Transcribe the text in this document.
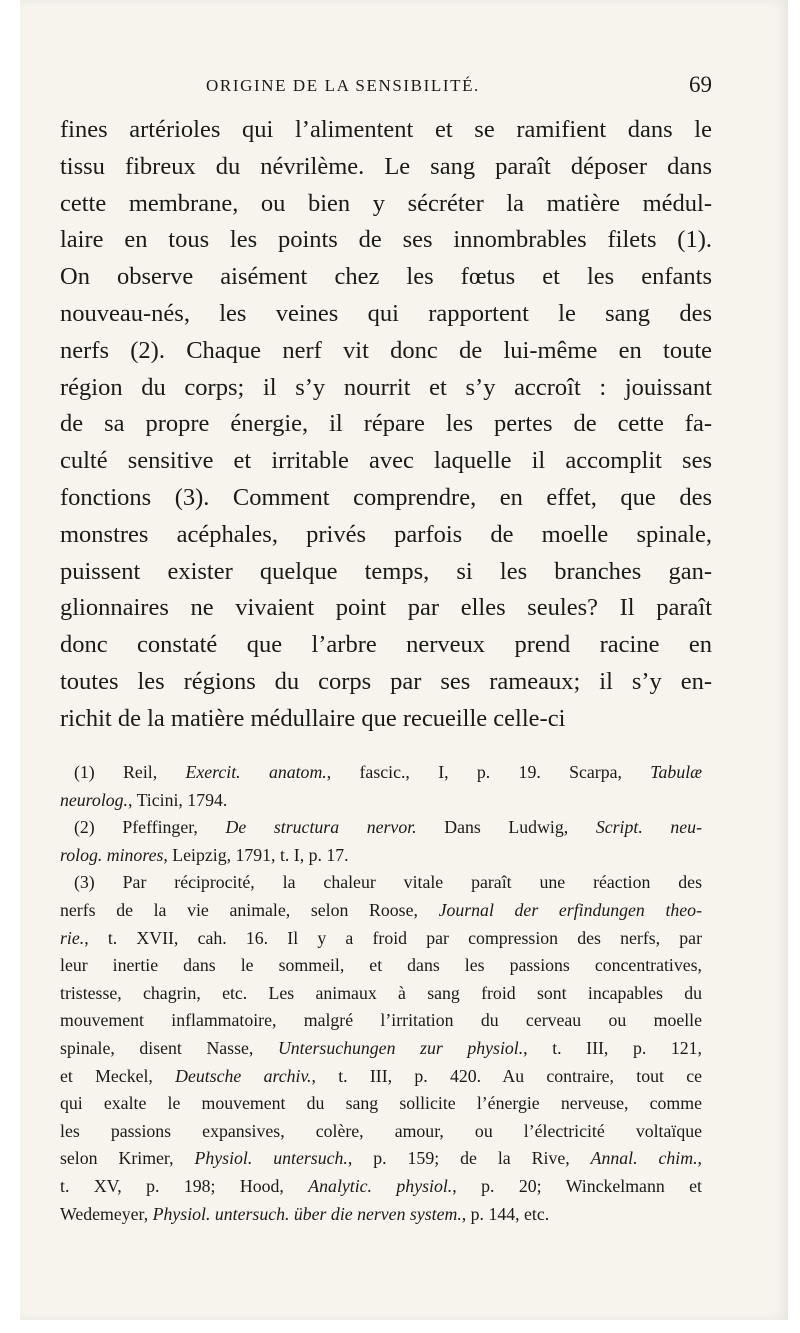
ORIGINE DE LA SENSIBILITÉ.	69
fines artérioles qui l’alimentent et se ramifient dans le
tissu fibreux du névrilème. Le sang paraît déposer dans
cette membrane, ou bien y sécréter la matière médul-
laire en tous les points de ses innombrables filets (1).
On observe aisément chez les fœtus et les enfants
nouveau-nés, les veines qui rapportent le sang des
nerfs (2). Chaque nerf vit donc de lui-même en toute
région du corps; il s’y nourrit et s’y accroît : jouissant
de sa propre énergie, il répare les pertes de cette fa-
culté sensitive et irritable avec laquelle il accomplit ses
fonctions (3). Comment comprendre, en effet, que des
monstres acéphales, privés parfois de moelle spinale,
puissent exister quelque temps, si les branches gan-
glionnaires ne vivaient point par elles seules? Il paraît
donc constaté que l’arbre nerveux prend racine en
toutes les régions du corps par ses rameaux; il s’y en-
richit de la matière médullaire que recueille celle-ci
(1) Reil, Exercit. anatom., fascic., I, p. 19. Scarpa, Tabulæ
neurolog., Ticini, 1794.
(2) Pfeffinger, De structura nervor. Dans Ludwig, Script. neu-
rolog. minores, Leipzig, 1791, t. I, p. 17.
(3) Par réciprocité, la chaleur vitale paraît une réaction des
nerfs de la vie animale, selon Roose, Journal der erfindungen theo-
rie., t. XVII, cah. 16. Il y a froid par compression des nerfs, par
leur inertie dans le sommeil, et dans les passions concentratives,
tristesse, chagrin, etc. Les animaux à sang froid sont incapables du
mouvement inflammatoire, malgré l’irritation du cerveau ou moelle
spinale, disent Nasse, Untersuchungen zur physiol., t. III, p. 121,
et Meckel, Deutsche archiv., t. III, p. 420. Au contraire, tout ce
qui exalte le mouvement du sang sollicite l’énergie nerveuse, comme
les passions expansives, colère, amour, ou l’électricité voltaïque
selon Krimer, Physiol. untersuch., p. 159; de la Rive, Annal. chim.,
t. XV, p. 198; Hood, Analytic. physiol., p. 20; Winckelmann et
Wedemeyer, Physiol. untersuch. über die nerven system., p. 144, etc.
